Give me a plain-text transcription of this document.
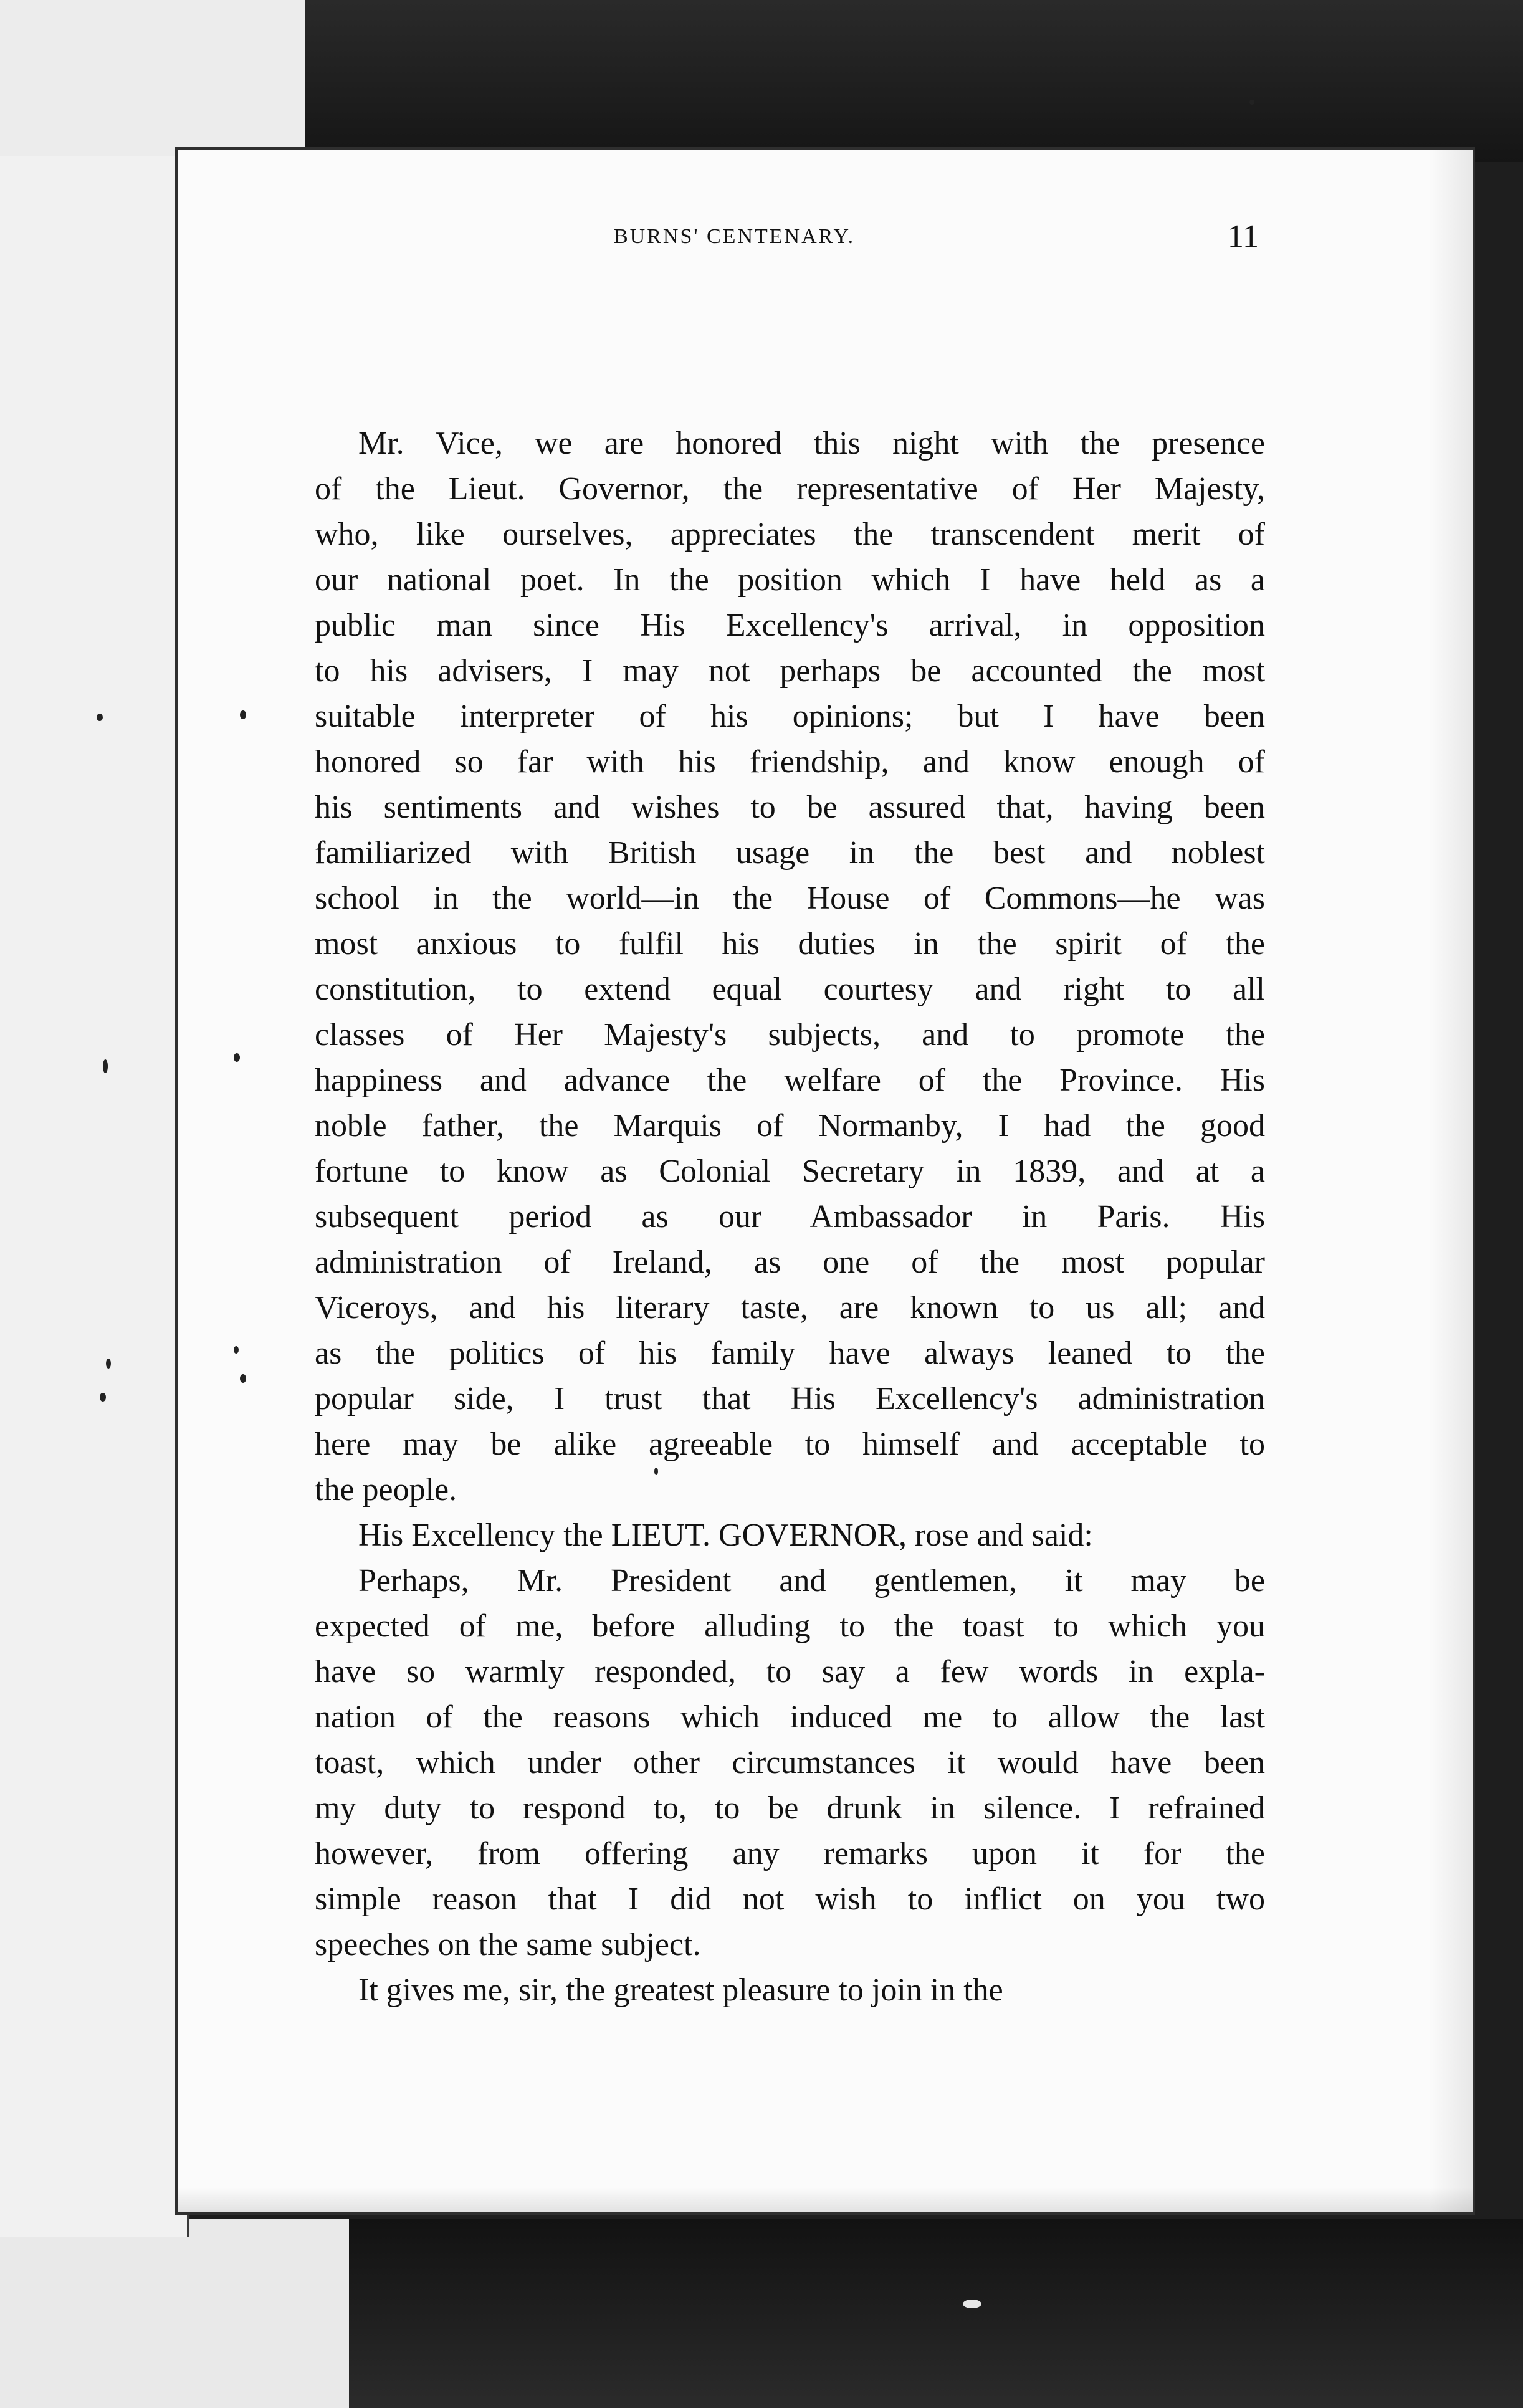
BURNS' CENTENARY.	11
Mr. Vice, we are honored this night with the presence
of the Lieut. Governor, the representative of Her Majesty,
who, like ourselves, appreciates the transcendent merit of
our national poet. In the position which I have held as a
public man since His Excellency's arrival, in opposition
to his advisers, I may not perhaps be accounted the most
suitable interpreter of his opinions; but I have been
honored so far with his friendship, and know enough of
his sentiments and wishes to be assured that, having been
familiarized with British usage in the best and noblest
school in the world—in the House of Commons—he was
most anxious to fulfil his duties in the spirit of the
constitution, to extend equal courtesy and right to all
classes of Her Majesty's subjects, and to promote the
happiness and advance the welfare of the Province. His
noble father, the Marquis of Normanby, I had the good
fortune to know as Colonial Secretary in 1839, and at a
subsequent period as our Ambassador in Paris. His
administration of Ireland, as one of the most popular
Viceroys, and his literary taste, are known to us all; and
as the politics of his family have always leaned to the
popular side, I trust that His Excellency's administration
here may be alike agreeable to himself and acceptable to
the people.
His Excellency the LIEUT. GOVERNOR, rose and said:
Perhaps, Mr. President and gentlemen, it may be
expected of me, before alluding to the toast to which you
have so warmly responded, to say a few words in expla-
nation of the reasons which induced me to allow the last
toast, which under other circumstances it would have been
my duty to respond to, to be drunk in silence. I refrained
however, from offering any remarks upon it for the
simple reason that I did not wish to inflict on you two
speeches on the same subject.
It gives me, sir, the greatest pleasure to join in the
